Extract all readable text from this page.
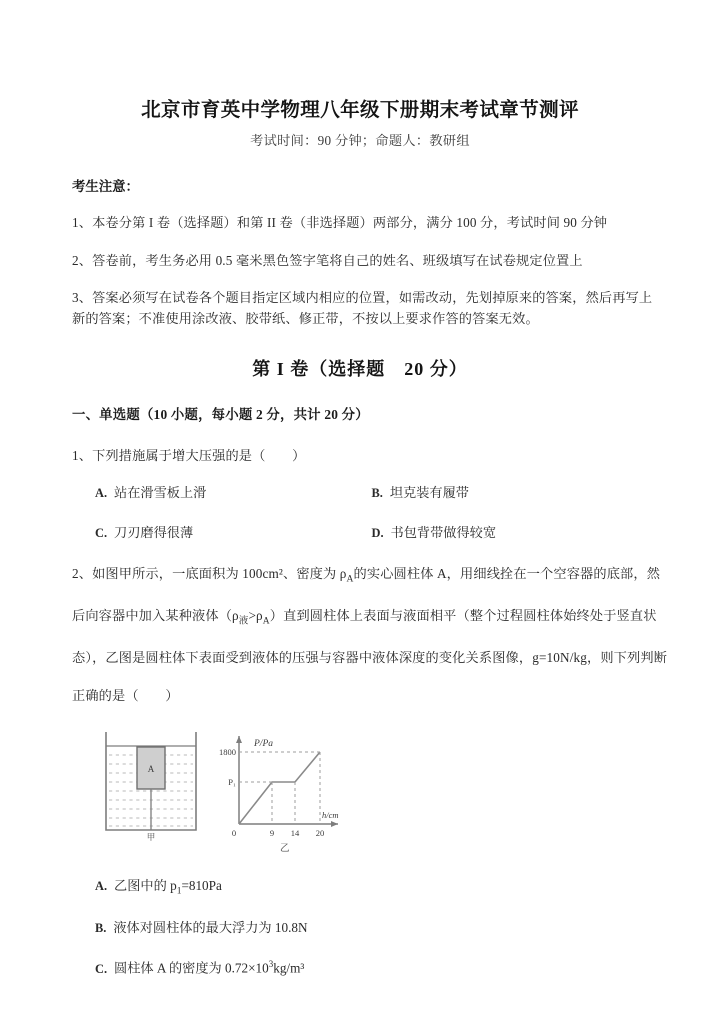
北京市育英中学物理八年级下册期末考试章节测评
考试时间：90 分钟；命题人：教研组
考生注意：

1、本卷分第 I 卷（选择题）和第 II 卷（非选择题）两部分，满分 100 分，考试时间 90 分钟

2、答卷前，考生务必用 0.5 毫米黑色签字笔将自己的姓名、班级填写在试卷规定位置上

3、答案必须写在试卷各个题目指定区域内相应的位置，如需改动，先划掉原来的答案，然后再写上新的答案；不准使用涂改液、胶带纸、修正带，不按以上要求作答的答案无效。

第 I 卷（选择题　20 分）
一、单选题（10 小题，每小题 2 分，共计 20 分）

1、下列措施属于增大压强的是（　　）

A. 站在滑雪板上滑	B. 坦克装有履带
C. 刀刃磨得很薄	D. 书包背带做得较宽

2、如图甲所示，一底面积为 100cm²、密度为 $\rho_A$的实心圆柱体 A，用细线拴在一个空容器的底部，然

后向容器中加入某种液体$(\rho_液>\rho_A)$直到圆柱体上表面与液面相平（整个过程圆柱体始终处于竖直状

态），乙图是圆柱体下表面受到液体的压强与容器中液体深度的变化关系图像，g=10N/kg，则下列判断

正确的是（　　）

A
甲
P/Pa
1800
P₁
0	9 14 20
h/cm
乙
A. 乙图中的 $p_1=810Pa$
B. 液体对圆柱体的最大浮力为 10.8N
C. 圆柱体 A 的密度为 $0.72\times 10^3kg/m^3$
